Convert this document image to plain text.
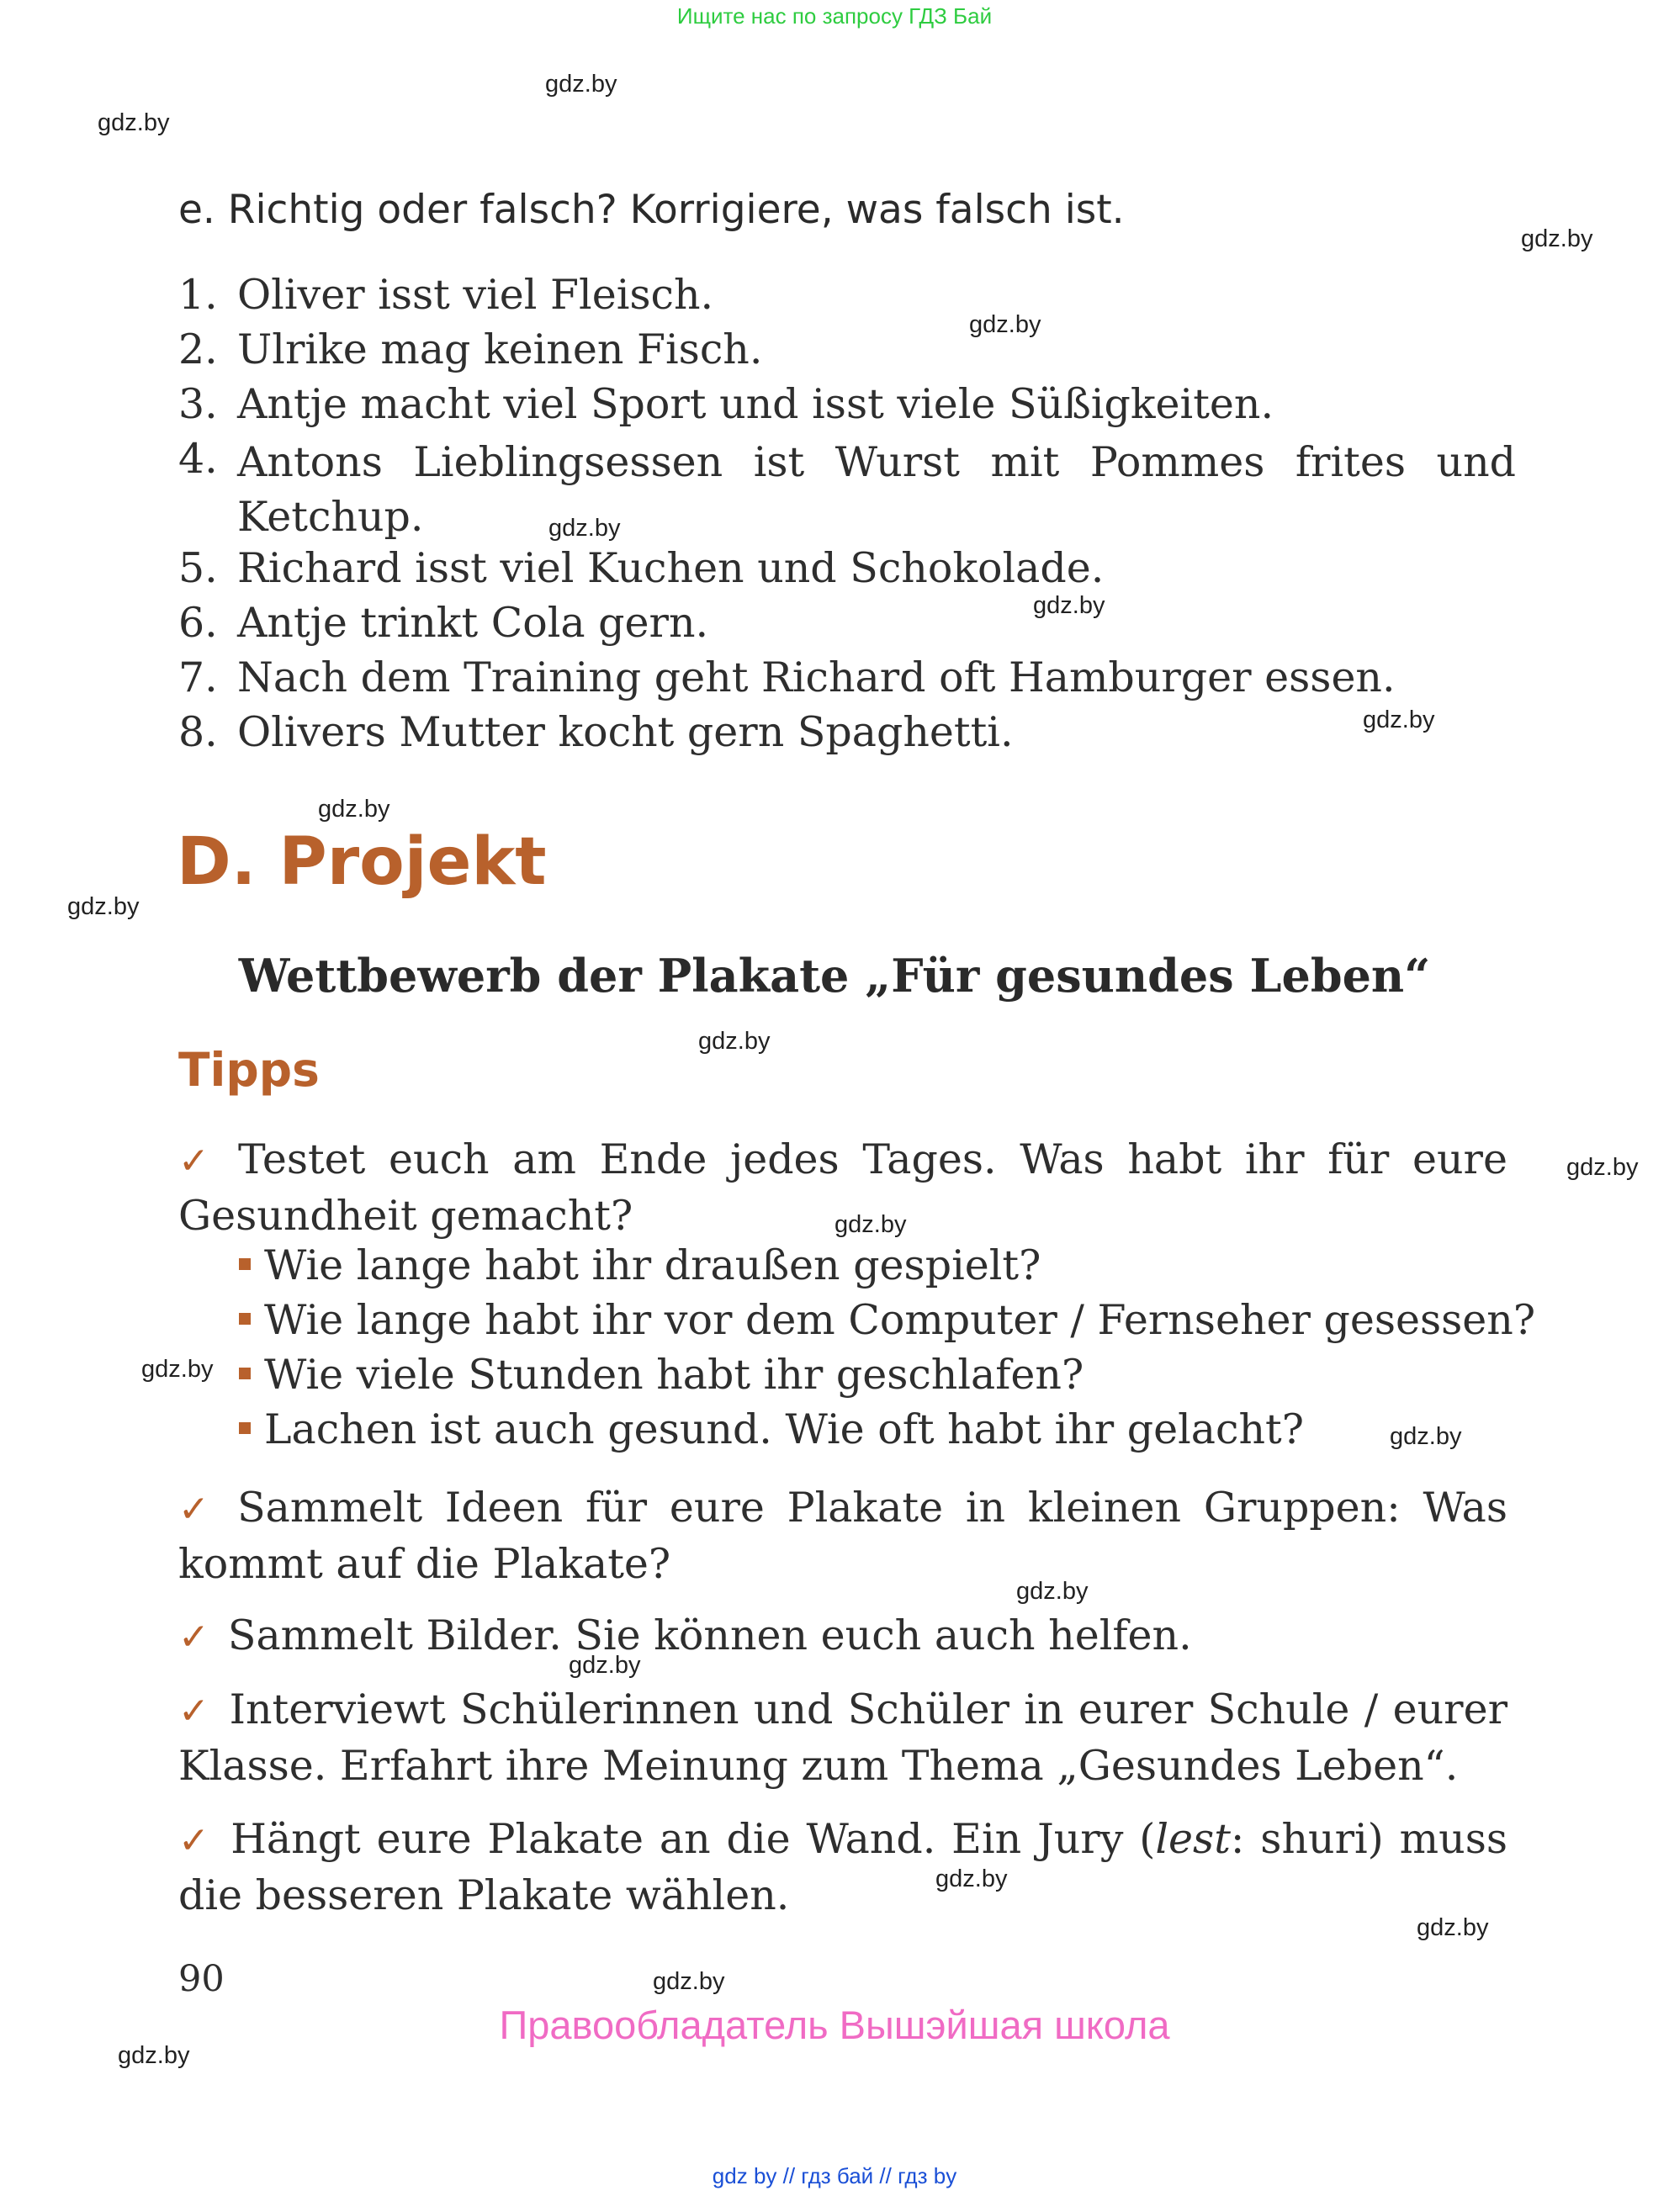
Ищите нас по запросу ГДЗ Бай
gdz.by
gdz.by
gdz.by
gdz.by
gdz.by
gdz.by
gdz.by
gdz.by
gdz.by
gdz.by
gdz.by
gdz.by
gdz.by
gdz.by
gdz.by
gdz.by
gdz.by
gdz.by
gdz.by
gdz.by
e. Richtig oder falsch? Korrigiere, was falsch ist.
1. Oliver isst viel Fleisch.
2. Ulrike mag keinen Fisch.
3. Antje macht viel Sport und isst viele Süßigkeiten.
4. Antons Lieblingsessen ist Wurst mit Pommes frites und Ketchup.
5. Richard isst viel Kuchen und Schokolade.
6. Antje trinkt Cola gern.
7. Nach dem Training geht Richard oft Hamburger essen.
8. Olivers Mutter kocht gern Spaghetti.
D. Projekt
Wettbewerb der Plakate „Für gesundes Leben“
Tipps
✓ Testet euch am Ende jedes Tages. Was habt ihr für eure Gesundheit gemacht?
Wie lange habt ihr draußen gespielt?
Wie lange habt ihr vor dem Computer / Fernseher gesessen?
Wie viele Stunden habt ihr geschlafen?
Lachen ist auch gesund. Wie oft habt ihr gelacht?
✓ Sammelt Ideen für eure Plakate in kleinen Gruppen: Was kommt auf die Plakate?
✓ Sammelt Bilder. Sie können euch auch helfen.
✓ Interviewt Schülerinnen und Schüler in eurer Schule / eurer Klasse. Erfahrt ihre Meinung zum Thema „Gesundes Leben“.
✓ Hängt eure Plakate an die Wand. Ein Jury (lest: shuri) muss die besseren Plakate wählen.
90
Правообладатель Вышэйшая школа
gdz by // гдз бай // гдз by
